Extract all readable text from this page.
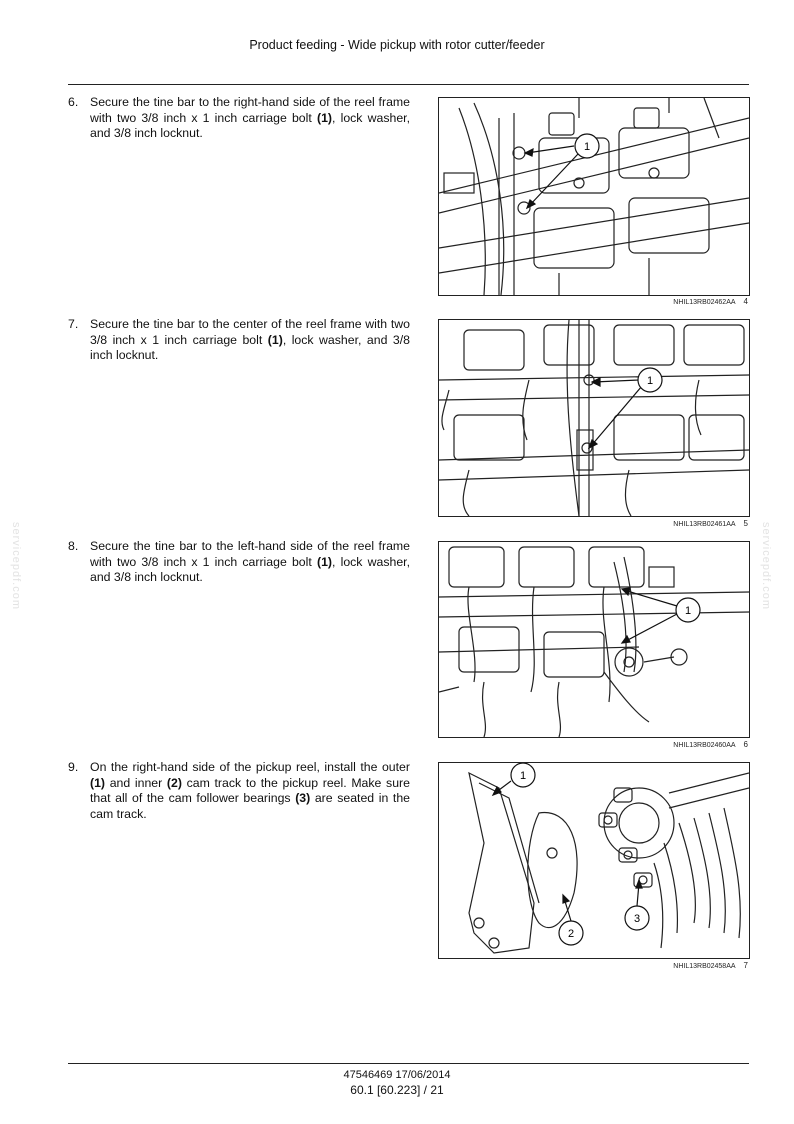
Product feeding - Wide pickup with rotor cutter/feeder
6. Secure the tine bar to the right-hand side of the reel frame with two 3/8 inch x 1 inch carriage bolt (1), lock washer, and 3/8 inch locknut.
1
NHIL13RB02462AA 4
7. Secure the tine bar to the center of the reel frame with two 3/8 inch x 1 inch carriage bolt (1), lock washer, and 3/8 inch locknut.
1
NHIL13RB02461AA 5
8. Secure the tine bar to the left-hand side of the reel frame with two 3/8 inch x 1 inch carriage bolt (1), lock washer, and 3/8 inch locknut.
1
NHIL13RB02460AA 6
9. On the right-hand side of the pickup reel, install the outer (1) and inner (2) cam track to the pickup reel. Make sure that all of the cam follower bearings (3) are seated in the cam track.
1
2
3
NHIL13RB02458AA 7
servicepdf.com	servicepdf.com
47546469 17/06/2014
60.1 [60.223] / 21
